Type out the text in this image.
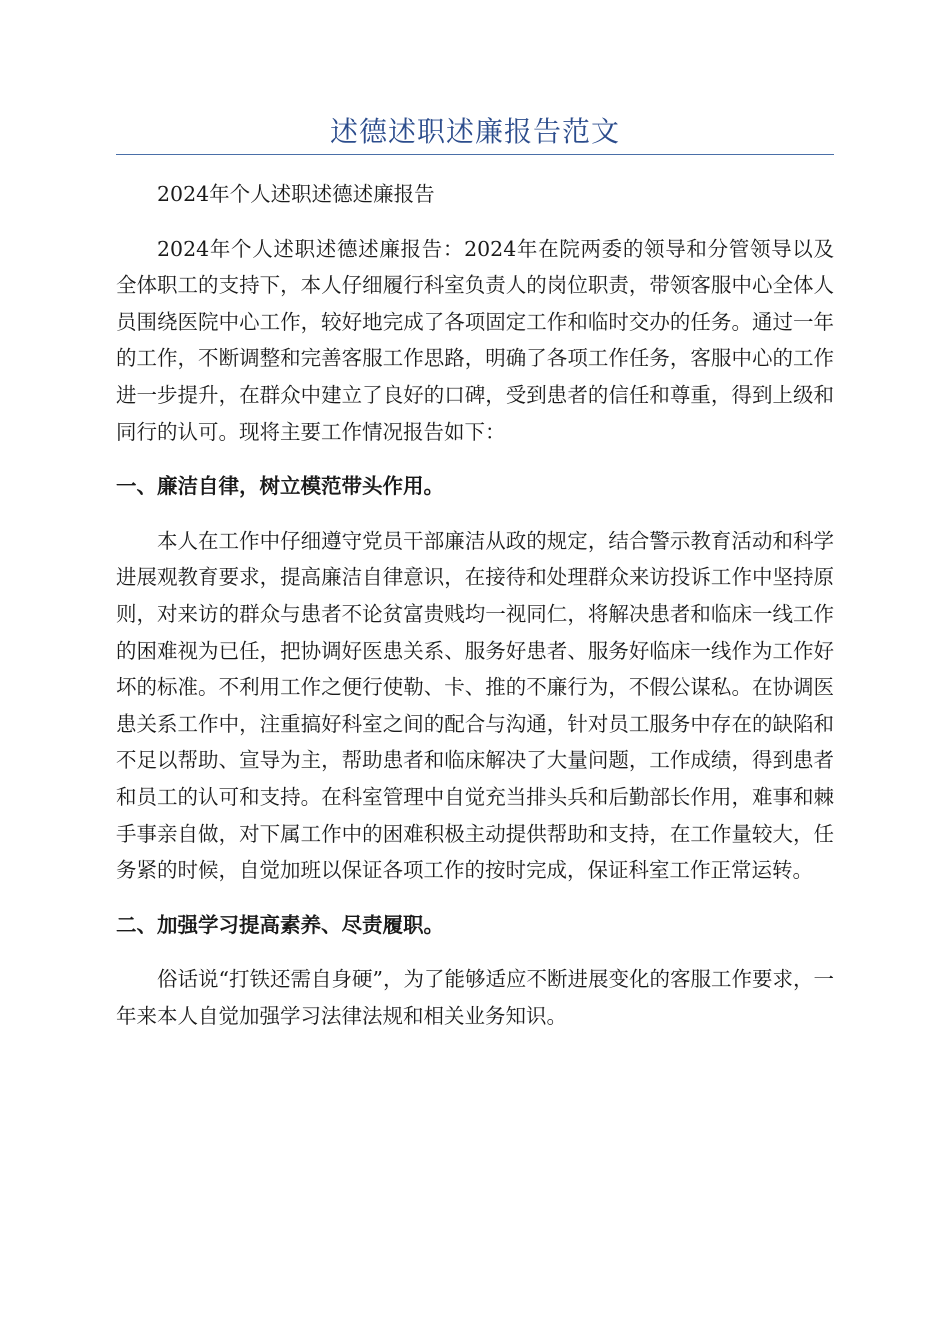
述德述职述廉报告范文

2024年个人述职述德述廉报告

2024年个人述职述德述廉报告：2024年在院两委的领导和分管领导以及全体职工的支持下，本人仔细履行科室负责人的岗位职责，带领客服中心全体人员围绕医院中心工作，较好地完成了各项固定工作和临时交办的任务。通过一年的工作，不断调整和完善客服工作思路，明确了各项工作任务，客服中心的工作进一步提升，在群众中建立了良好的口碑，受到患者的信任和尊重，得到上级和同行的认可。现将主要工作情况报告如下：

一、廉洁自律，树立模范带头作用。

本人在工作中仔细遵守党员干部廉洁从政的规定，结合警示教育活动和科学进展观教育要求，提高廉洁自律意识，在接待和处理群众来访投诉工作中坚持原则，对来访的群众与患者不论贫富贵贱均一视同仁，将解决患者和临床一线工作的困难视为已任，把协调好医患关系、服务好患者、服务好临床一线作为工作好坏的标准。不利用工作之便行使勒、卡、推的不廉行为，不假公谋私。在协调医患关系工作中，注重搞好科室之间的配合与沟通，针对员工服务中存在的缺陷和不足以帮助、宣导为主，帮助患者和临床解决了大量问题，工作成绩，得到患者和员工的认可和支持。在科室管理中自觉充当排头兵和后勤部长作用，难事和棘手事亲自做，对下属工作中的困难积极主动提供帮助和支持，在工作量较大，任务紧的时候，自觉加班以保证各项工作的按时完成，保证科室工作正常运转。

二、加强学习提高素养、尽责履职。

俗话说“打铁还需自身硬”，为了能够适应不断进展变化的客服工作要求，一年来本人自觉加强学习法律法规和相关业务知识。
